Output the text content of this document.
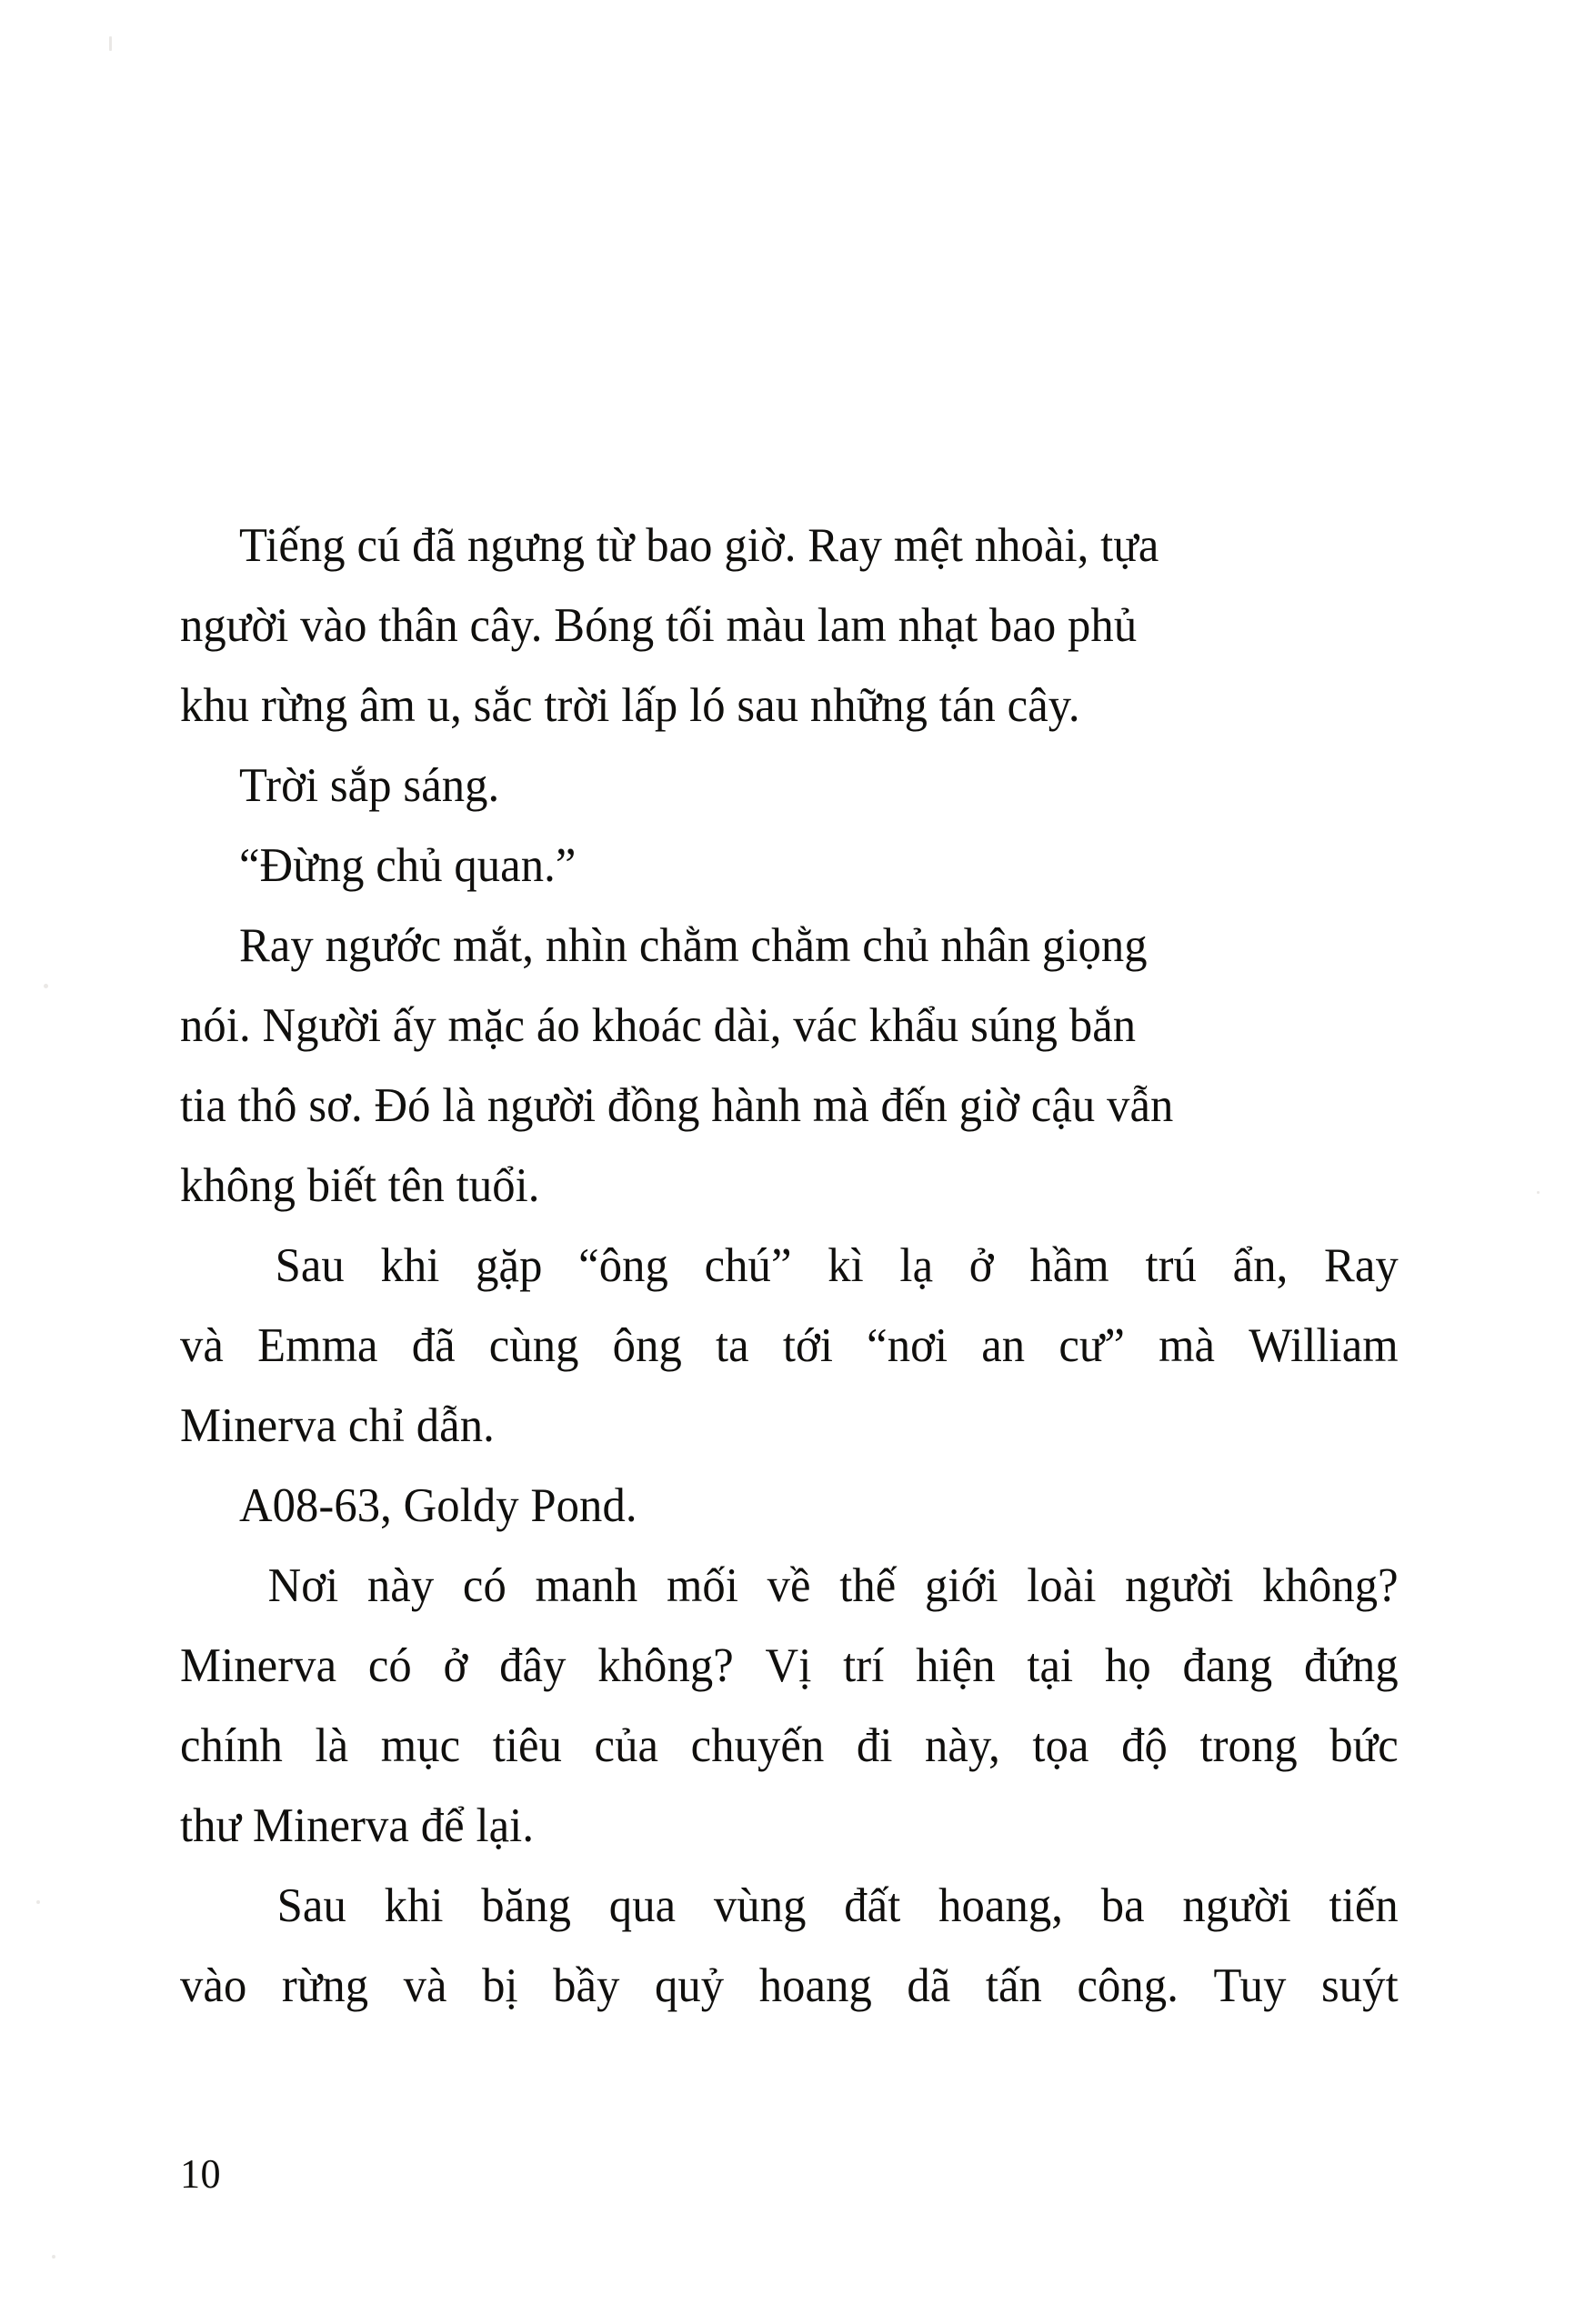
Tiếng cú đã ngưng từ bao giờ. Ray mệt nhoài, tựa
người vào thân cây. Bóng tối màu lam nhạt bao phủ
khu rừng âm u, sắc trời lấp ló sau những tán cây.

Trời sắp sáng.

“Đừng chủ quan.”

Ray ngước mắt, nhìn chằm chằm chủ nhân giọng
nói. Người ấy mặc áo khoác dài, vác khẩu súng bắn
tia thô sơ. Đó là người đồng hành mà đến giờ cậu vẫn
không biết tên tuổi.

Sau khi gặp “ông chú” kì lạ ở hầm trú ẩn, Ray
và Emma đã cùng ông ta tới “nơi an cư” mà William
Minerva chỉ dẫn.

A08-63, Goldy Pond.

Nơi này có manh mối về thế giới loài người không?
Minerva có ở đây không? Vị trí hiện tại họ đang đứng
chính là mục tiêu của chuyến đi này, tọa độ trong bức
thư Minerva để lại.

Sau khi băng qua vùng đất hoang, ba người tiến
vào rừng và bị bầy quỷ hoang dã tấn công. Tuy suýt

10
